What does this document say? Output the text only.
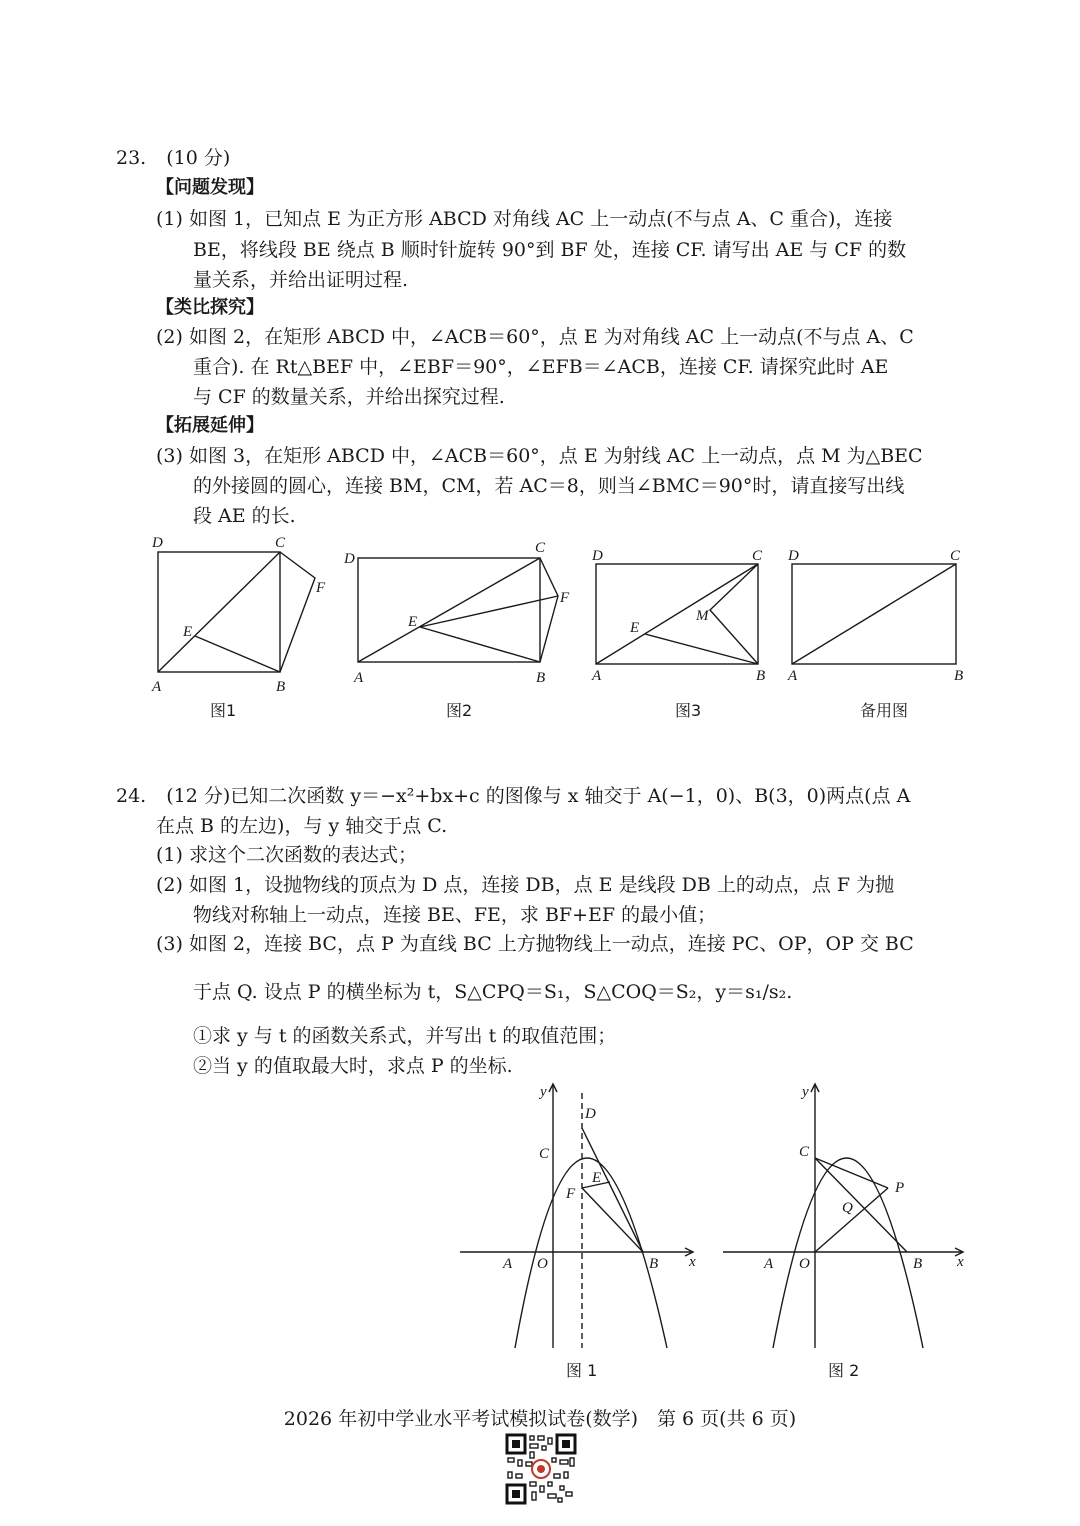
23. (10 分)
【问题发现】
(1) 如图 1，已知点 E 为正方形 ABCD 对角线 AC 上一动点(不与点 A、C 重合)，连接
BE，将线段 BE 绕点 B 顺时针旋转 90°到 BF 处，连接 CF. 请写出 AE 与 CF 的数
量关系，并给出证明过程.
【类比探究】
(2) 如图 2，在矩形 ABCD 中，∠ACB＝60°，点 E 为对角线 AC 上一动点(不与点 A、C
重合). 在 Rt△BEF 中，∠EBF＝90°，∠EFB＝∠ACB，连接 CF. 请探究此时 AE
与 CF 的数量关系，并给出探究过程.
【拓展延伸】
(3) 如图 3，在矩形 ABCD 中，∠ACB＝60°，点 E 为射线 AC 上一动点，点 M 为△BEC
的外接圆的圆心，连接 BM，CM，若 AC＝8，则当∠BMC＝90°时，请直接写出线
段 AE 的长.
D	C
A	B
E
F
D
C
A	B
E
F
D	C
A	B
E
M
D	C
A	B
图1	图2	图3	备用图
24. (12 分)已知二次函数 y＝−x²+bx+c 的图像与 x 轴交于 A(−1，0)、B(3，0)两点(点 A
在点 B 的左边)，与 y 轴交于点 C.
(1) 求这个二次函数的表达式；
(2) 如图 1，设抛物线的顶点为 D 点，连接 DB，点 E 是线段 DB 上的动点，点 F 为抛
物线对称轴上一动点，连接 BE、FE，求 BF+EF 的最小值；
(3) 如图 2，连接 BC，点 P 为直线 BC 上方抛物线上一动点，连接 PC、OP，OP 交 BC
于点 Q. 设点 P 的横坐标为 t，S△CPQ＝S₁，S△COQ＝S₂，y＝s₁/s₂.
①求 y 与 t 的函数关系式，并写出 t 的取值范围；
②当 y 的值取最大时，求点 P 的坐标.
y
D
C
E
F
A O	B x
y
C
P
Q
A O	B x
图 1	图 2
2026 年初中学业水平考试模拟试卷(数学)　第 6 页(共 6 页)
